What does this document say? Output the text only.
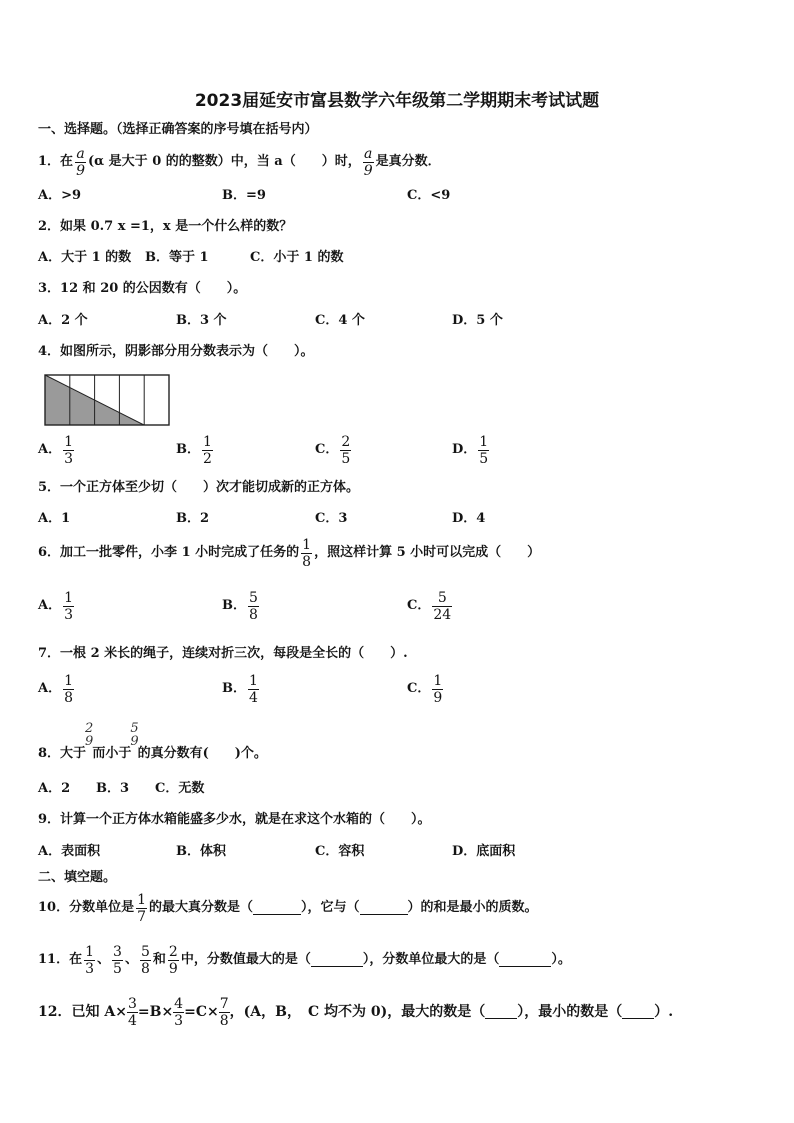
2023届延安市富县数学六年级第二学期期末考试试题
一、选择题。（选择正确答案的序号填在括号内）
1． 在 $\frac{a}{9} (\alpha$ 是大于 0 的的整数）中，当 a（　　）时， $\frac{a}{9}$ 是真分数．
A．>9	B．=9	C．<9
2．如果 0.7 x =1，x 是一个什么样的数？
A．大于 1 的数 B．等于 1	C．小于 1 的数
3．12 和 20 的公因数有（　　）。
A．2 个	B．3 个	C．4 个	D．5 个
4．如图所示，阴影部分用分数表示为（　　）。
A． $\frac{1}{3}$	B． $\frac{1}{2}$	C． $\frac{2}{5}$	D． $\frac{1}{5}$
5．一个正方体至少切（　　）次才能切成新的正方体。
A．1	B．2	C．3	D．4
6．加工一批零件，小李 1 小时完成了任务的 $\frac{1}{8}$ ，照这样计算 5 小时可以完成（　　）
A． $\frac{1}{3}$	B． $\frac{5}{8}$	C． $\frac{5}{24}$
7．一根 2 米长的绳子，连续对折三次，每段是全长的（　　）.
A． $\frac{1}{8}$	B． $\frac{1}{4}$	C． $\frac{1}{9}$
8．大于
2
9
而小于
5
9
的真分数有(　　)个。
A．2 B．3 C．无数
9．计算一个正方体水箱能盛多少水，就是在求这个水箱的（　　）。
A．表面积	B．体积	C．容积	D．底面积
二、填空题。
10．分数单位是 $\frac{1}{7}$ 的最大真分数是（	），它与（	）的和是最小的质数。
11．在 $\frac{1}{3}$ 、 $\frac{3}{5}$ 、 $\frac{5}{8}$ 和 $\frac{2}{9}$ 中，分数值最大的是（	），分数单位最大的是（	）。
12．已知 $A\times \frac{3}{4} =B\times \frac{4}{3} =C\times \frac{7}{8}$ ，(A，B，　C 均不为 0)，最大的数是（ ），最小的数是（ ）.
